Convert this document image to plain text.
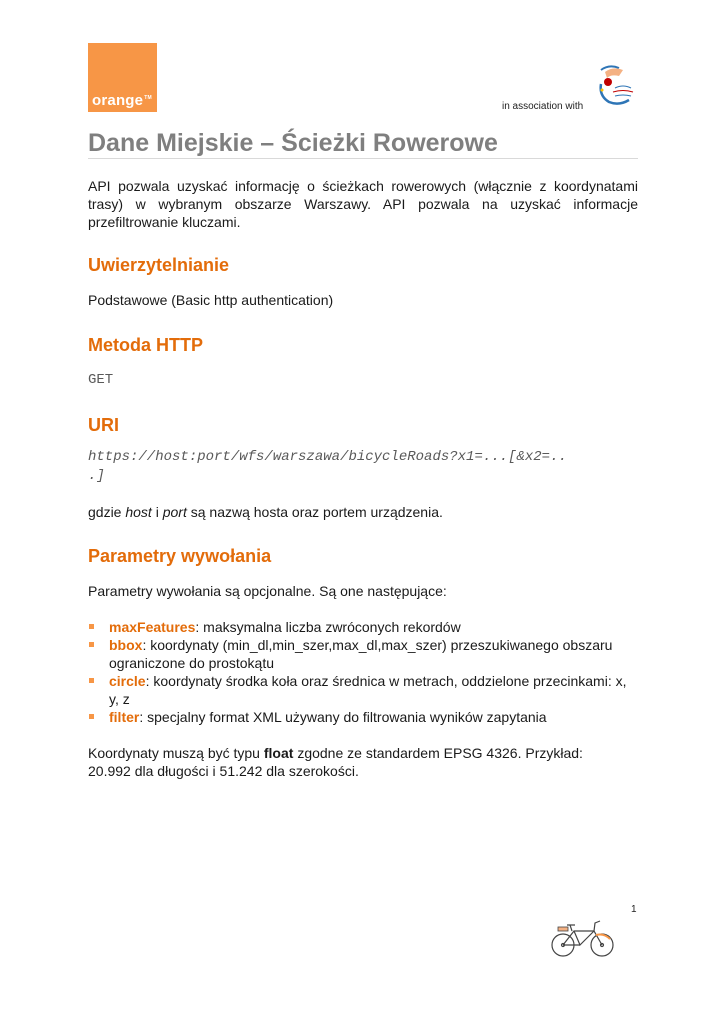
orange™
in association with
Dane Miejskie – Ścieżki Rowerowe

API pozwala uzyskać informację o ścieżkach rowerowych (włącznie z koordynatami trasy) w wybranym obszarze Warszawy. API pozwala na uzyskać informacje przefiltrowanie kluczami.

Uwierzytelnianie

Podstawowe (Basic http authentication)

Metoda HTTP

GET

URI
https://host:port/wfs/warszawa/bicycleRoads?x1=...[&x2=..
.]

gdzie host i port są nazwą hosta oraz portem urządzenia.

Parametry wywołania

Parametry wywołania są opcjonalne. Są one następujące:

maxFeatures: maksymalna liczba zwróconych rekordów
bbox: koordynaty (min_dl,min_szer,max_dl,max_szer) przeszukiwanego obszaru ograniczone do prostokątu
circle: koordynaty środka koła oraz średnica w metrach, oddzielone przecinkami: x, y, z
filter: specjalny format XML używany do filtrowania wyników zapytania

Koordynaty muszą być typu float zgodne ze standardem EPSG 4326. Przykład:
20.992 dla długości i 51.242 dla szerokości.

1
